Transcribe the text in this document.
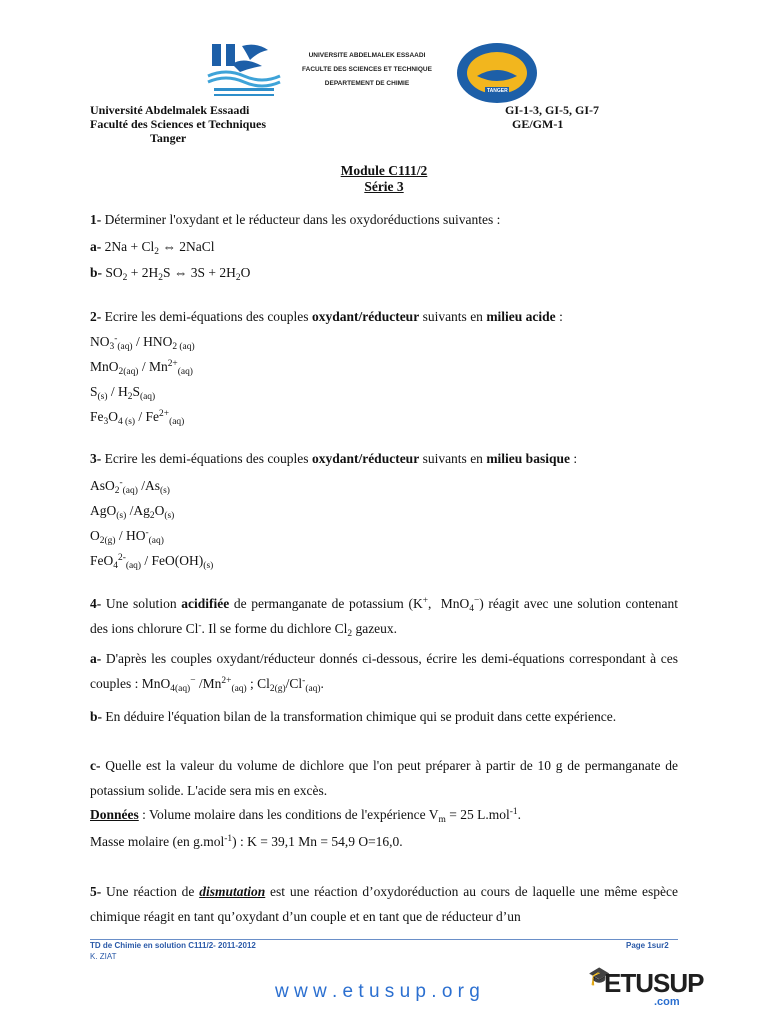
UNIVERSITE ABDELMALEK ESSAADI
FACULTE DES SCIENCES ET TECHNIQUE
DEPARTEMENT DE CHIMIE
TANGER
Université Abdelmalek Essaadi
Faculté des Sciences et Techniques
Tanger
GI-1-3, GI-5, GI-7
GE/GM-1
Module C111/2
Série 3
1- Déterminer l'oxydant et le réducteur dans les oxydoréductions suivantes :
a- $2Na + Cl_2$ ⇔ 2NaCl
b- $SO_2 + 2H_2S$ ⇔ $3S + 2H_2O$
2- Ecrire les demi-équations des couples oxydant/réducteur suivants en milieu acide :
$NO_3^-_{(aq)} / HNO_{2 (aq)}$
$MnO_{2(aq)} / Mn^{2+}_{(aq)}$
$S_{(s)} / H_2S_{(aq)}$
$Fe_3O_{4 (s)} / Fe^{2+}_{(aq)}$
3- Ecrire les demi-équations des couples oxydant/réducteur suivants en milieu basique :
AsO$_2$-$_{(aq)}$ $/As_{(s)}$
AgO$_{(s)}$ $/Ag_2O_{(s)}$
$O_{2(g)} / HO^-_{(aq)}$
$FeO_4^{2-}_{(aq)} / FeO(OH)_{(s)}$
4- Une solution acidifiée de permanganate de potassium (K+,  MnO$_4$−) réagit avec une solution contenant des ions chlorure Cl-. Il se forme du dichlore $Cl_2$ gazeux.
a- D'après les couples oxydant/réducteur donnés ci-dessous, écrire les demi-équations correspondant à ces couples : MnO$_{4(aq)}$− $/Mn^{2+}_{(aq)}$ ; $Cl_{2(g)}/Cl^-_{(aq)}$.
b- En déduire l'équation bilan de la transformation chimique qui se produit dans cette expérience.
c- Quelle est la valeur du volume de dichlore que l'on peut préparer à partir de 10 g de permanganate de potassium solide. L'acide sera mis en excès.
Données : Volume molaire dans les conditions de l'expérience $V_m = 25$ L.mol$^{-1}$.
Masse molaire (en g.mol$^{-1}$) : K = 39,1 Mn = 54,9 O=16,0.
5- Une réaction de dismutation est une réaction d’oxydoréduction au cours de laquelle une même espèce chimique réagit en tant qu’oxydant d’un couple et en tant que de réducteur d’un
TD de Chimie en solution C111/2- 2011-2012
K. ZIAT
Page 1sur2
w w w . e t u s u p . o r g
🎓
ETUSUP
.com
